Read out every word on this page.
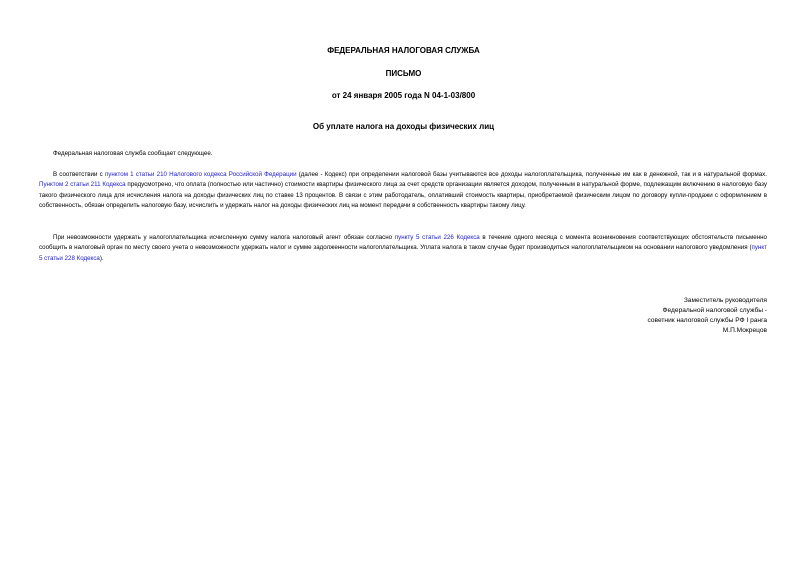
ФЕДЕРАЛЬНАЯ НАЛОГОВАЯ СЛУЖБА
ПИСЬМО
от 24 января 2005 года N 04-1-03/800
Об уплате налога на доходы физических лиц
Федеральная налоговая служба сообщает следующее.
В соответствии с пунктом 1 статьи 210 Налогового кодекса Российской Федерации (далее - Кодекс) при определении налоговой базы учитываются все доходы налогоплательщика, полученные им как в денежной, так и в натуральной формах. Пунктом 2 статьи 211 Кодекса предусмотрено, что оплата (полностью или частично) стоимости квартиры физического лица за счет средств организации является доходом, полученным в натуральной форме, подлежащим включению в налоговую базу такого физического лица для исчисления налога на доходы физических лиц по ставке 13 процентов. В связи с этим работодатель, оплативший стоимость квартиры, приобретаемой физическим лицом по договору купли-продажи с оформлением в собственность, обязан определить налоговую базу, исчислить и удержать налог на доходы физических лиц на момент передачи в собственность квартиры такому лицу.
При невозможности удержать у налогоплательщика исчисленную сумму налога налоговый агент обязан согласно пункту 5 статьи 226 Кодекса в течение одного месяца с момента возникновения соответствующих обстоятельств письменно сообщить в налоговый орган по месту своего учета о невозможности удержать налог и сумме задолженности налогоплательщика. Уплата налога в таком случае будет производиться налогоплательщиком на основании налогового уведомления (пункт 5 статьи 228 Кодекса).
Заместитель руководителя
Федеральной налоговой службы -
советник налоговой службы РФ I ранга
М.П.Мокрецов
